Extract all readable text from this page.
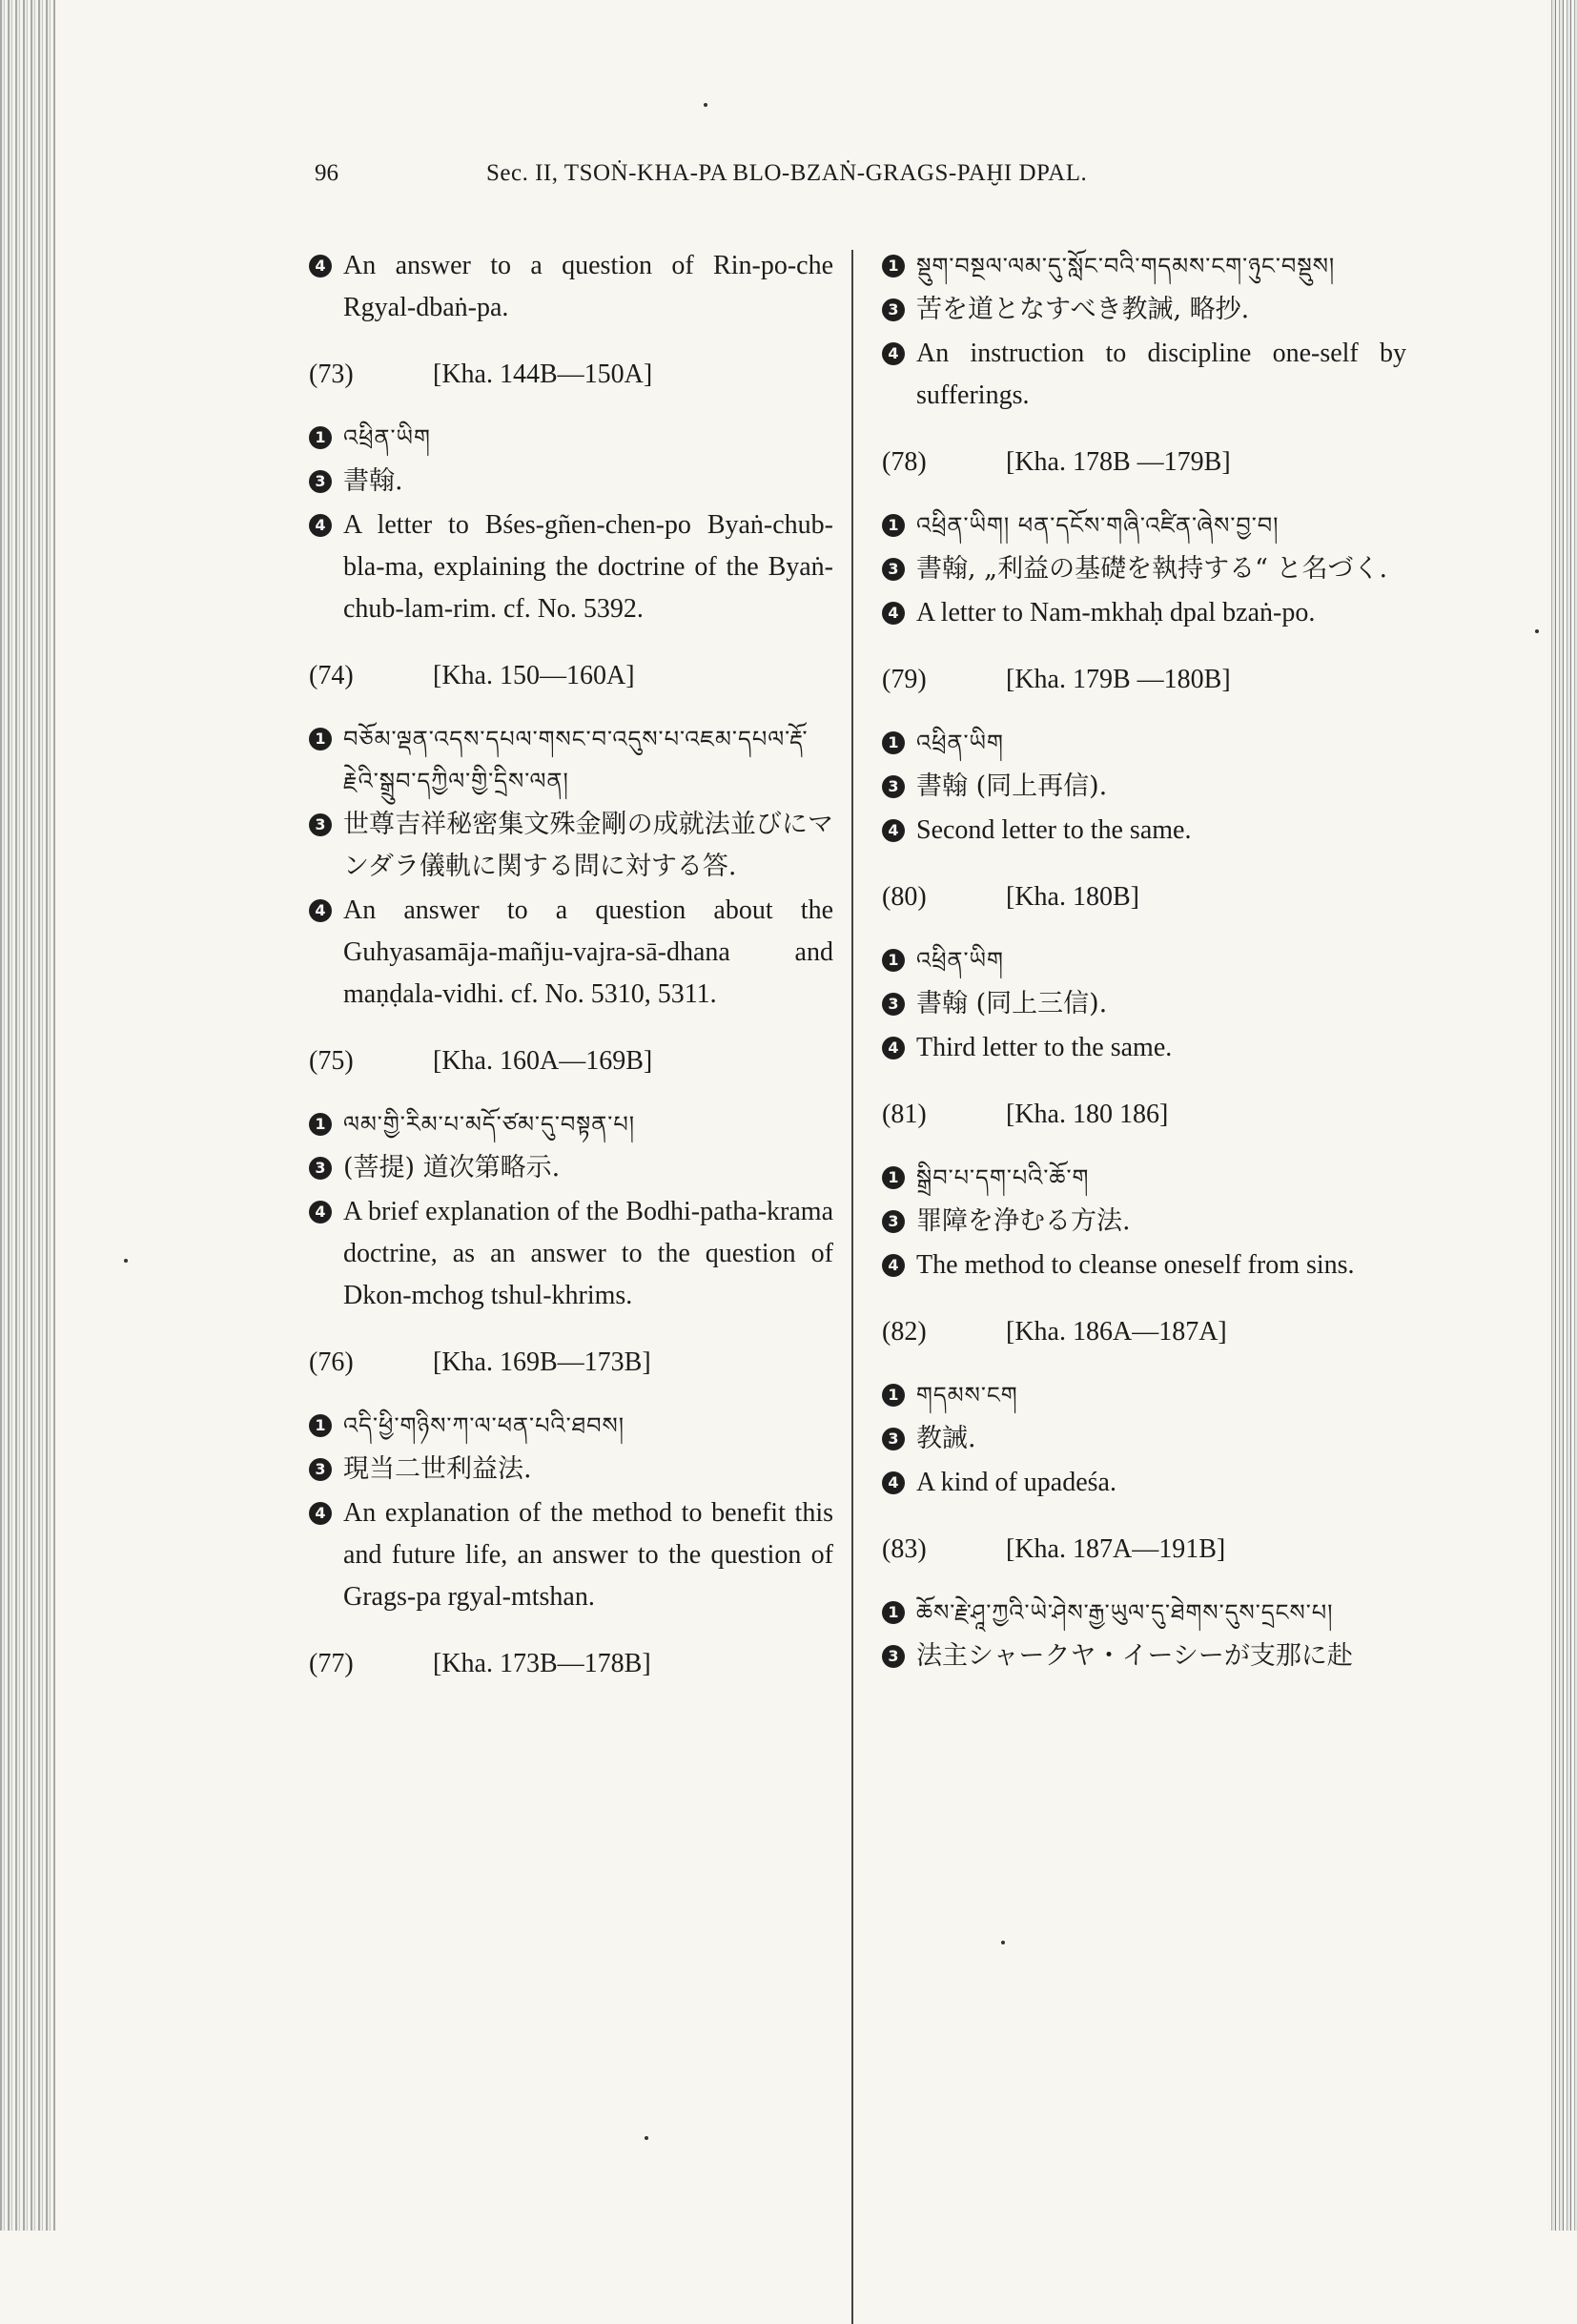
96	Sec. II, TSOṄ-KHA-PA BLO-BZAṄ-GRAGS-PAḪI DPAL.
4 An answer to a question of Rin-po-che Rgyal-dbaṅ-pa.
(73)	[Kha. 144B—150A]
1 འཕྲིན་ཡིག
3 書翰.
4 A letter to Bśes-gñen-chen-po Byaṅ-chub-bla-ma, explaining the doctrine of the Byaṅ-chub-lam-rim. cf. No. 5392.
(74)	[Kha. 150—160A]
1 བཅོམ་ལྡན་འདས་དཔལ་གསང་བ་འདུས་པ་འཇམ་དཔལ་རྡོ་རྗེའི་སྒྲུབ་དཀྱིལ་གྱི་དྲིས་ལན།
3 世尊吉祥秘密集文殊金剛の成就法並びにマンダラ儀軌に関する問に対する答.
4 An answer to a question about the Guhyasamāja-mañju-vajra-sā-dhana and maṇḍala-vidhi. cf. No. 5310, 5311.
(75)	[Kha. 160A—169B]
1 ལམ་གྱི་རིམ་པ་མདོ་ཙམ་དུ་བསྟན་པ།
3 (菩提) 道次第略示.
4 A brief explanation of the Bodhi-patha-krama doctrine, as an answer to the question of Dkon-mchog tshul-khrims.
(76)	[Kha. 169B—173B]
1 འདི་ཕྱི་གཉིས་ཀ་ལ་ཕན་པའི་ཐབས།
3 現当二世利益法.
4 An explanation of the method to benefit this and future life, an answer to the question of Grags-pa rgyal-mtshan.
(77)	[Kha. 173B—178B]
1 སྡུག་བསྔལ་ལམ་དུ་སློང་བའི་གདམས་ངག་ཉུང་བསྡུས།
3 苦を道となすべき教誡, 略抄.
4 An instruction to discipline one-self by sufferings.
(78)	[Kha. 178B —179B]
1 འཕྲིན་ཡིག། ཕན་དངོས་གཞི་འཛིན་ཞེས་བྱ་བ།
3 書翰, „利益の基礎を執持する“ と名づく.
4 A letter to Nam-mkhaḥ dpal bzaṅ-po.
(79)	[Kha. 179B —180B]
1 འཕྲིན་ཡིག
3 書翰 (同上再信).
4 Second letter to the same.
(80)	[Kha. 180B]
1 འཕྲིན་ཡིག
3 書翰 (同上三信).
4 Third letter to the same.
(81)	[Kha. 180 186]
1 སྒྲིབ་པ་དག་པའི་ཆོ་ག
3 罪障を浄むる方法.
4 The method to cleanse oneself from sins.
(82)	[Kha. 186A—187A]
1 གདམས་ངག
3 教誡.
4 A kind of upadeśa.
(83)	[Kha. 187A—191B]
1 ཆོས་རྗེ་ཤཱ་ཀྱའི་ཡེ་ཤེས་རྒྱ་ཡུལ་དུ་ཐེགས་དུས་དྲངས་པ།
3 法主シャークヤ・イーシーが支那に赴
